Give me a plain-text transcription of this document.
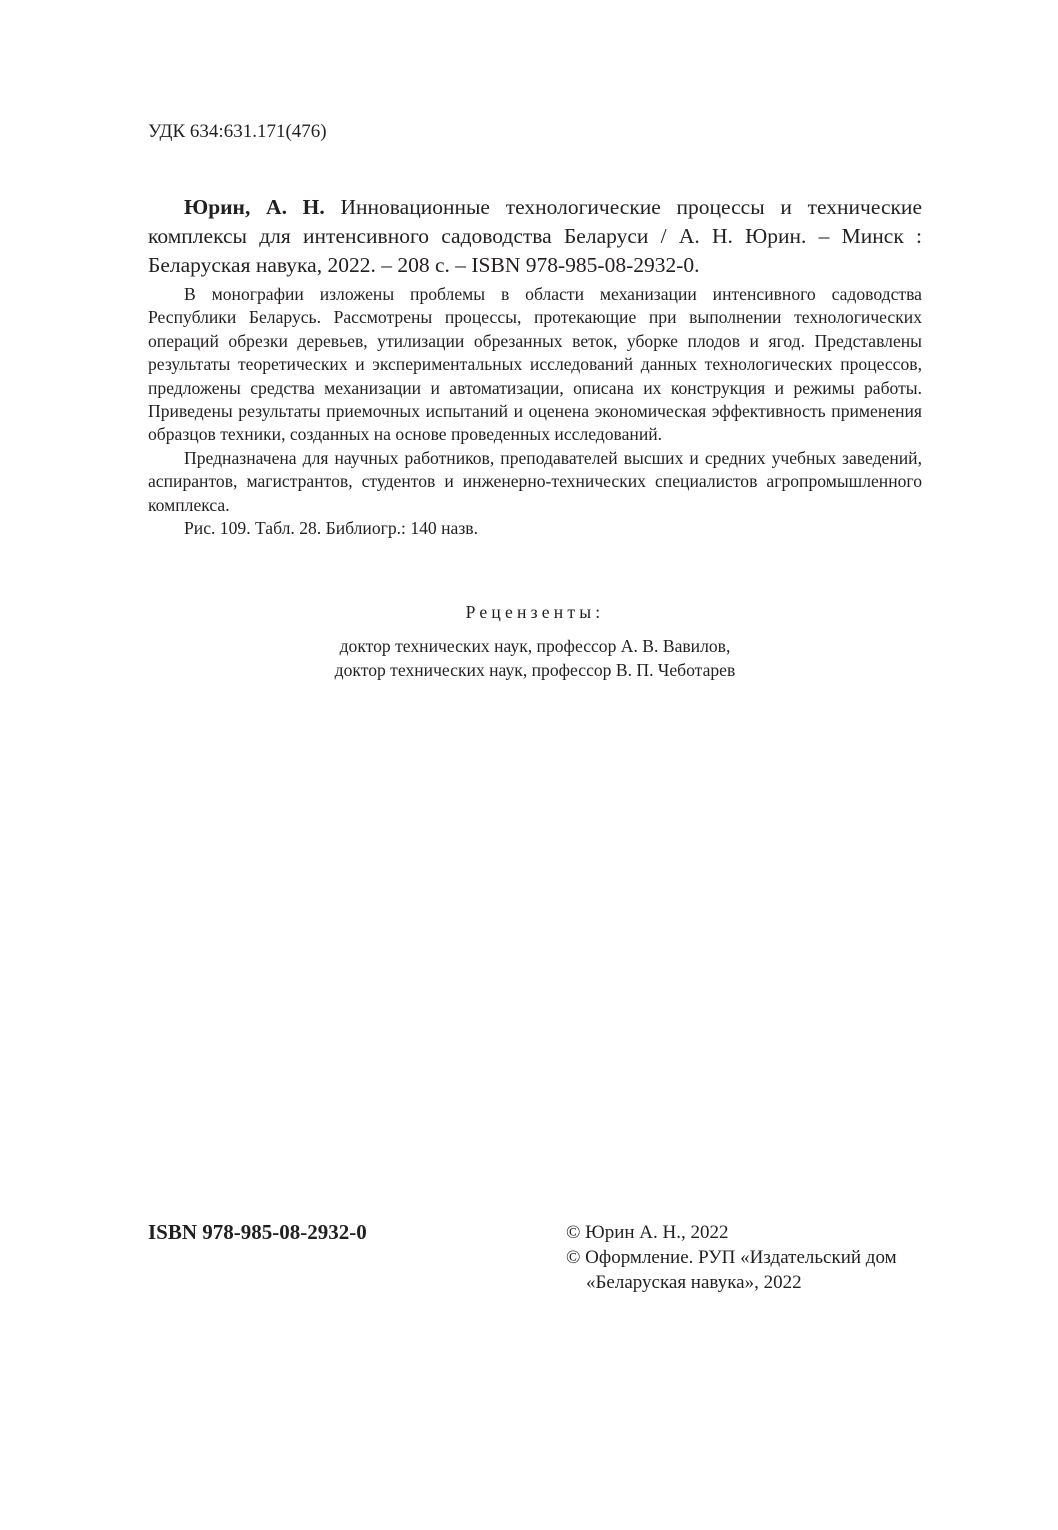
УДК 634:631.171(476)
Юрин, А. Н. Инновационные технологические процессы и технические комплексы для интенсивного садоводства Беларуси / А. Н. Юрин. – Минск : Беларуская навука, 2022. – 208 с. – ISBN 978-985-08-2932-0.

В монографии изложены проблемы в области механизации интенсивного садоводства Республики Беларусь. Рассмотрены процессы, протекающие при выполнении технологических операций обрезки деревьев, утилизации обрезанных веток, уборке плодов и ягод. Представлены результаты теоретических и экспериментальных исследований данных технологических процессов, предложены средства механизации и автоматизации, описана их конструкция и режимы работы. Приведены результаты приемочных испытаний и оценена экономическая эффективность применения образцов техники, созданных на основе проведенных исследований.

Предназначена для научных работников, преподавателей высших и средних учебных заведений, аспирантов, магистрантов, студентов и инженерно-технических специалистов агропромышленного комплекса.

Рис. 109. Табл. 28. Библиогр.: 140 назв.

Рецензенты:
доктор технических наук, профессор А. В. Вавилов,
доктор технических наук, профессор В. П. Чеботарев
ISBN 978-985-08-2932-0	© Юрин А. Н., 2022
© Оформление. РУП «Издательский дом
«Беларуская навука», 2022
